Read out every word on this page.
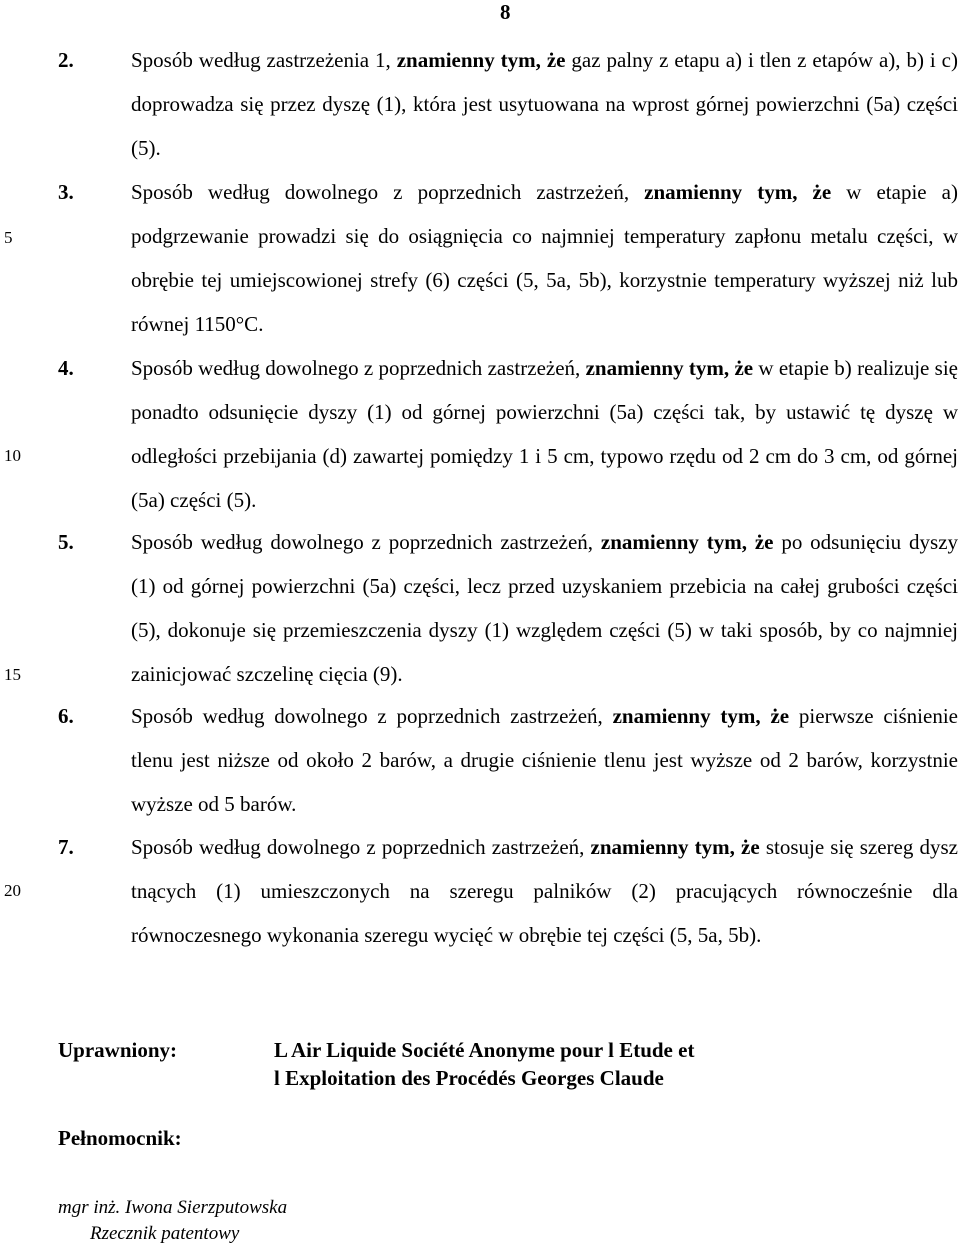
8
5
10
15
20
2.	Sposób według zastrzeżenia 1, znamienny tym, że gaz palny z etapu a) i tlen z etapów a), b) i c) doprowadza się przez dyszę (1), która jest usytuowana na wprost górnej powierzchni (5a) części (5).
3.	Sposób według dowolnego z poprzednich zastrzeżeń, znamienny tym, że w etapie a) podgrzewanie prowadzi się do osiągnięcia co najmniej temperatury zapłonu metalu części, w obrębie tej umiejscowionej strefy (6) części (5, 5a, 5b), korzystnie temperatury wyższej niż lub równej 1150°C.
4.	Sposób według dowolnego z poprzednich zastrzeżeń, znamienny tym, że w etapie b) realizuje się ponadto odsunięcie dyszy (1) od górnej powierzchni (5a) części tak, by ustawić tę dyszę w odległości przebijania (d) zawartej pomiędzy 1 i 5 cm, typowo rzędu od 2 cm do 3 cm, od górnej (5a) części (5).
5.	Sposób według dowolnego z poprzednich zastrzeżeń, znamienny tym, że po odsunięciu dyszy (1) od górnej powierzchni (5a) części, lecz przed uzyskaniem przebicia na całej grubości części (5), dokonuje się przemieszczenia dyszy (1) względem części (5) w taki sposób, by co najmniej zainicjować szczelinę cięcia (9).
6.	Sposób według dowolnego z poprzednich zastrzeżeń, znamienny tym, że pierwsze ciśnienie tlenu jest niższe od około 2 barów, a drugie ciśnienie tlenu jest wyższe od 2 barów, korzystnie wyższe od 5 barów.
7.	Sposób według dowolnego z poprzednich zastrzeżeń, znamienny tym, że stosuje się szereg dysz tnących (1) umieszczonych na szeregu palników (2) pracujących równocześnie dla równoczesnego wykonania szeregu wycięć w obrębie tej części (5, 5a, 5b).
Uprawniony:	L Air Liquide Société Anonyme pour l Etude et
l Exploitation des Procédés Georges Claude
Pełnomocnik:
mgr inż. Iwona Sierzputowska
Rzecznik patentowy
